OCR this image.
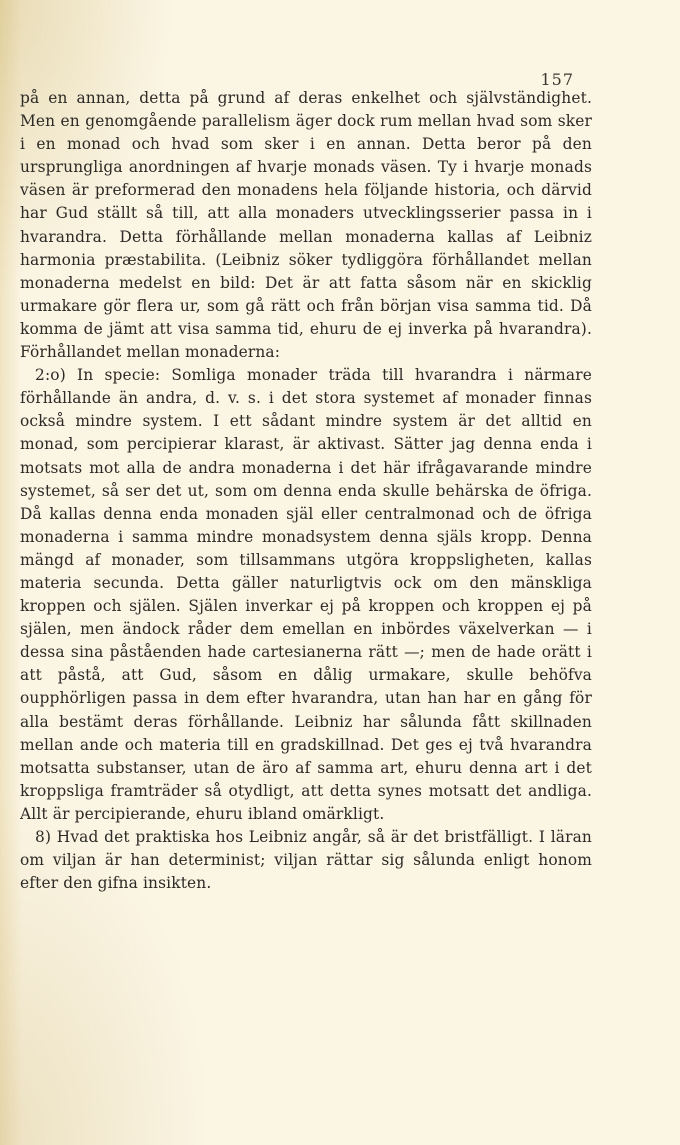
157

på en annan, detta på grund af deras enkelhet och självständighet. Men en genomgående parallelism äger dock rum mellan hvad som sker i en monad och hvad som sker i en annan. Detta beror på den ursprungliga anordningen af hvarje monads väsen. Ty i hvarje monads väsen är preformerad den monadens hela följande historia, och därvid har Gud ställt så till, att alla monaders utvecklingsserier passa in i hvarandra. Detta förhållande mellan monaderna kallas af Leibniz harmonia præstabilita. (Leibniz söker tydliggöra förhållandet mellan monaderna medelst en bild: Det är att fatta såsom när en skicklig urmakare gör flera ur, som gå rätt och från början visa samma tid. Då komma de jämt att visa samma tid, ehuru de ej inverka på hvarandra). Förhållandet mellan monaderna:

2:o) In specie: Somliga monader träda till hvarandra i närmare förhållande än andra, d. v. s. i det stora systemet af monader finnas också mindre system. I ett sådant mindre system är det alltid en monad, som percipierar klarast, är aktivast. Sätter jag denna enda i motsats mot alla de andra monaderna i det här ifrågavarande mindre systemet, så ser det ut, som om denna enda skulle behärska de öfriga. Då kallas denna enda monaden själ eller centralmonad och de öfriga monaderna i samma mindre monadsystem denna själs kropp. Denna mängd af monader, som tillsammans utgöra kroppsligheten, kallas materia secunda. Detta gäller naturligtvis ock om den mänskliga kroppen och själen. Själen inverkar ej på kroppen och kroppen ej på själen, men ändock råder dem emellan en inbördes växelverkan — i dessa sina påståenden hade cartesianerna rätt —; men de hade orätt i att påstå, att Gud, såsom en dålig urmakare, skulle behöfva oupphörligen passa in dem efter hvarandra, utan han har en gång för alla bestämt deras förhållande. Leibniz har sålunda fått skillnaden mellan ande och materia till en gradskillnad. Det ges ej två hvarandra motsatta substanser, utan de äro af samma art, ehuru denna art i det kroppsliga framträder så otydligt, att detta synes motsatt det andliga. Allt är percipierande, ehuru ibland omärkligt.

8) Hvad det praktiska hos Leibniz angår, så är det bristfälligt. I läran om viljan är han determinist; viljan rättar sig sålunda enligt honom efter den gifna insikten.
